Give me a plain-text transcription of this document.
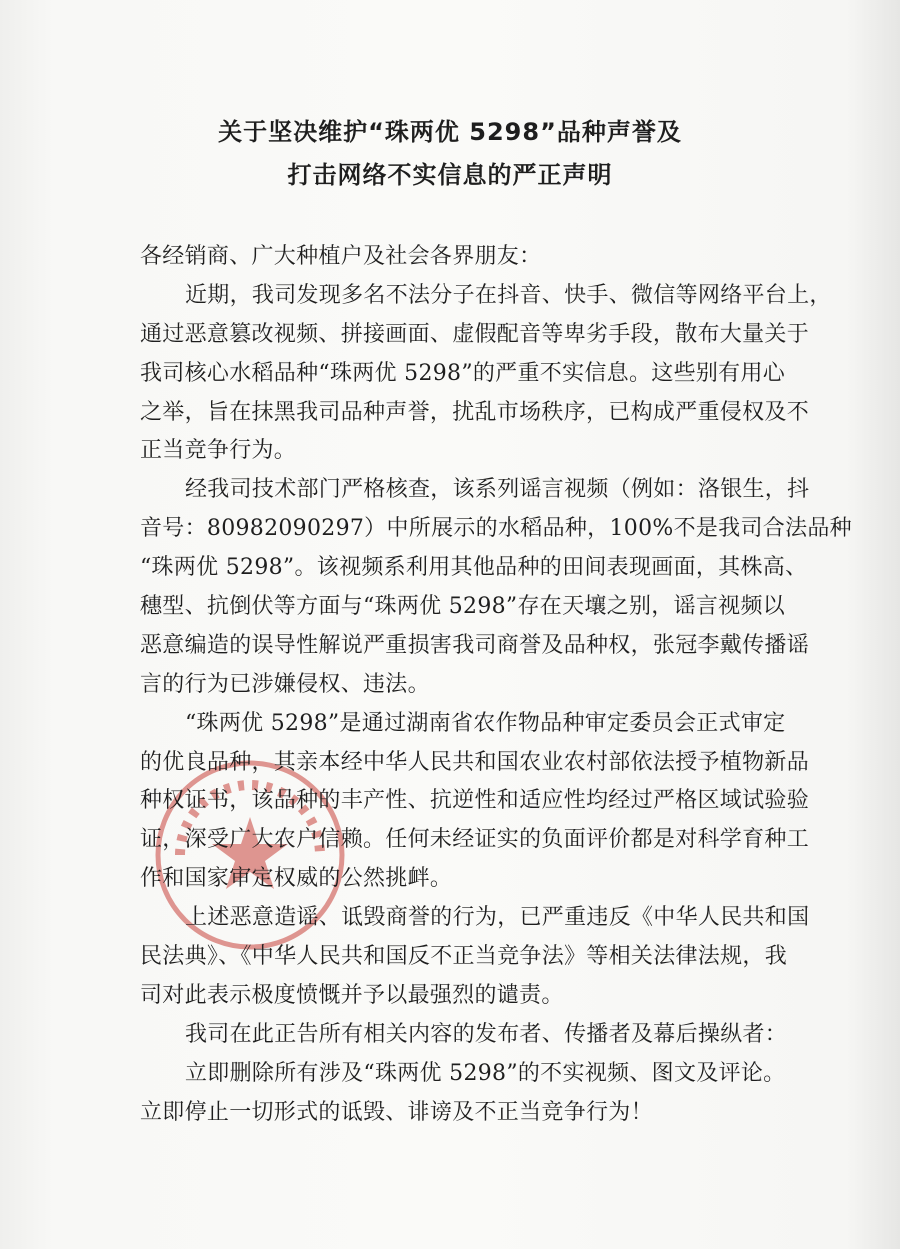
关于坚决维护“珠两优 5298”品种声誉及
打击网络不实信息的严正声明
各经销商、广大种植户及社会各界朋友：
近期，我司发现多名不法分子在抖音、快手、微信等网络平台上，
通过恶意篡改视频、拼接画面、虚假配音等卑劣手段，散布大量关于
我司核心水稻品种“珠两优 5298”的严重不实信息。这些别有用心
之举，旨在抹黑我司品种声誉，扰乱市场秩序，已构成严重侵权及不
正当竞争行为。
经我司技术部门严格核查，该系列谣言视频（例如：洛银生，抖
音号：80982090297）中所展示的水稻品种，100%不是我司合法品种
“珠两优 5298”。该视频系利用其他品种的田间表现画面，其株高、
穗型、抗倒伏等方面与“珠两优 5298”存在天壤之别，谣言视频以
恶意编造的误导性解说严重损害我司商誉及品种权，张冠李戴传播谣
言的行为已涉嫌侵权、违法。
“珠两优 5298”是通过湖南省农作物品种审定委员会正式审定
的优良品种，其亲本经中华人民共和国农业农村部依法授予植物新品
种权证书，该品种的丰产性、抗逆性和适应性均经过严格区域试验验
证，深受广大农户信赖。任何未经证实的负面评价都是对科学育种工
作和国家审定权威的公然挑衅。
上述恶意造谣、诋毁商誉的行为，已严重违反《中华人民共和国
民法典》、《中华人民共和国反不正当竞争法》等相关法律法规，我
司对此表示极度愤慨并予以最强烈的谴责。
我司在此正告所有相关内容的发布者、传播者及幕后操纵者：
立即删除所有涉及“珠两优 5298”的不实视频、图文及评论。
立即停止一切形式的诋毁、诽谤及不正当竞争行为！
